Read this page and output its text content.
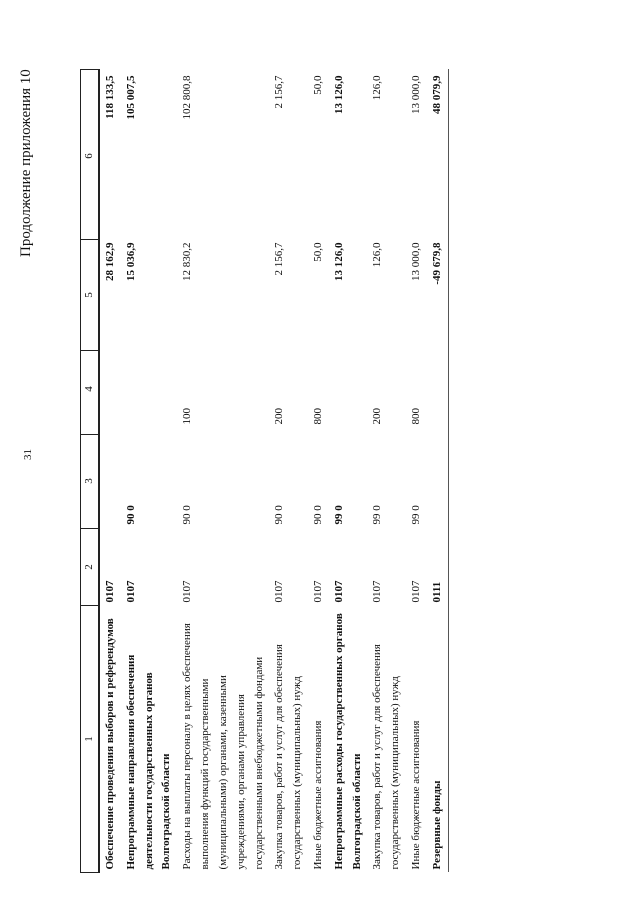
31
Продолжение приложения 10
1	2	3	4	5	6
Обеспечение проведения выборов и референдумов	0107			28 162,9	118 133,5
Непрограммные направления обеспечения деятельности государственных органов Волгоградской области	0107	90 0		15 036,9	105 007,5
Расходы на выплаты персоналу в целях обеспечения выполнения функций государственными (муниципальными) органами, казенными учреждениями, органами управления государственными внебюджетными фондами	0107	90 0	100	12 830,2	102 800,8
Закупка товаров, работ и услуг для обеспечения государственных (муниципальных) нужд	0107	90 0	200	2 156,7	2 156,7
Иные бюджетные ассигнования	0107	90 0	800	50,0	50,0
Непрограммные расходы государственных органов Волгоградской области	0107	99 0		13 126,0	13 126,0
Закупка товаров, работ и услуг для обеспечения государственных (муниципальных) нужд	0107	99 0	200	126,0	126,0
Иные бюджетные ассигнования	0107	99 0	800	13 000,0	13 000,0
Резервные фонды	0111			-49 679,8	48 079,9
